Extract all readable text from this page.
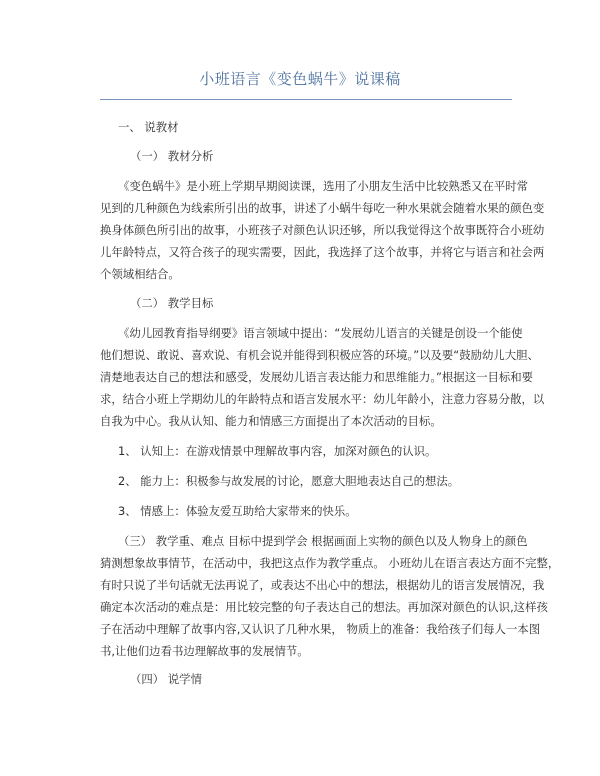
小班语言《变色蜗牛》说课稿
一、 说教材
（一） 教材分析
《变色蜗牛》是小班上学期早期阅读课，选用了小朋友生活中比较熟悉又在平时常
见到的几种颜色为线索所引出的故事，讲述了小蜗牛每吃一种水果就会随着水果的颜色变
换身体颜色所引出的故事，小班孩子对颜色认识还够，所以我觉得这个故事既符合小班幼
儿年龄特点，又符合孩子的现实需要，因此，我选择了这个故事，并将它与语言和社会两
个领域相结合。
（二） 教学目标
《幼儿园教育指导纲要》语言领域中提出：“发展幼儿语言的关键是创设一个能使
他们想说、敢说、喜欢说、有机会说并能得到积极应答的环境。”以及要“鼓励幼儿大胆、
清楚地表达自己的想法和感受，发展幼儿语言表达能力和思维能力。”根据这一目标和要
求，结合小班上学期幼儿的年龄特点和语言发展水平：幼儿年龄小，注意力容易分散，以
自我为中心。我从认知、能力和情感三方面提出了本次活动的目标。
1、 认知上：在游戏情景中理解故事内容，加深对颜色的认识。
2、 能力上：积极参与故发展的讨论，愿意大胆地表达自己的想法。
3、 情感上：体验友爱互助给大家带来的快乐。
（三） 教学重、难点 目标中提到学会 根据画面上实物的颜色以及人物身上的颜色
猜测想象故事情节，在活动中，我把这点作为教学重点。 小班幼儿在语言表达方面不完整，
有时只说了半句话就无法再说了，或表达不出心中的想法，根据幼儿的语言发展情况，我
确定本次活动的难点是：用比较完整的句子表达自己的想法。再加深对颜色的认识,这样孩
子在活动中理解了故事内容,又认识了几种水果， 物质上的准备：我给孩子们每人一本图
书,让他们边看书边理解故事的发展情节。
（四） 说学情
